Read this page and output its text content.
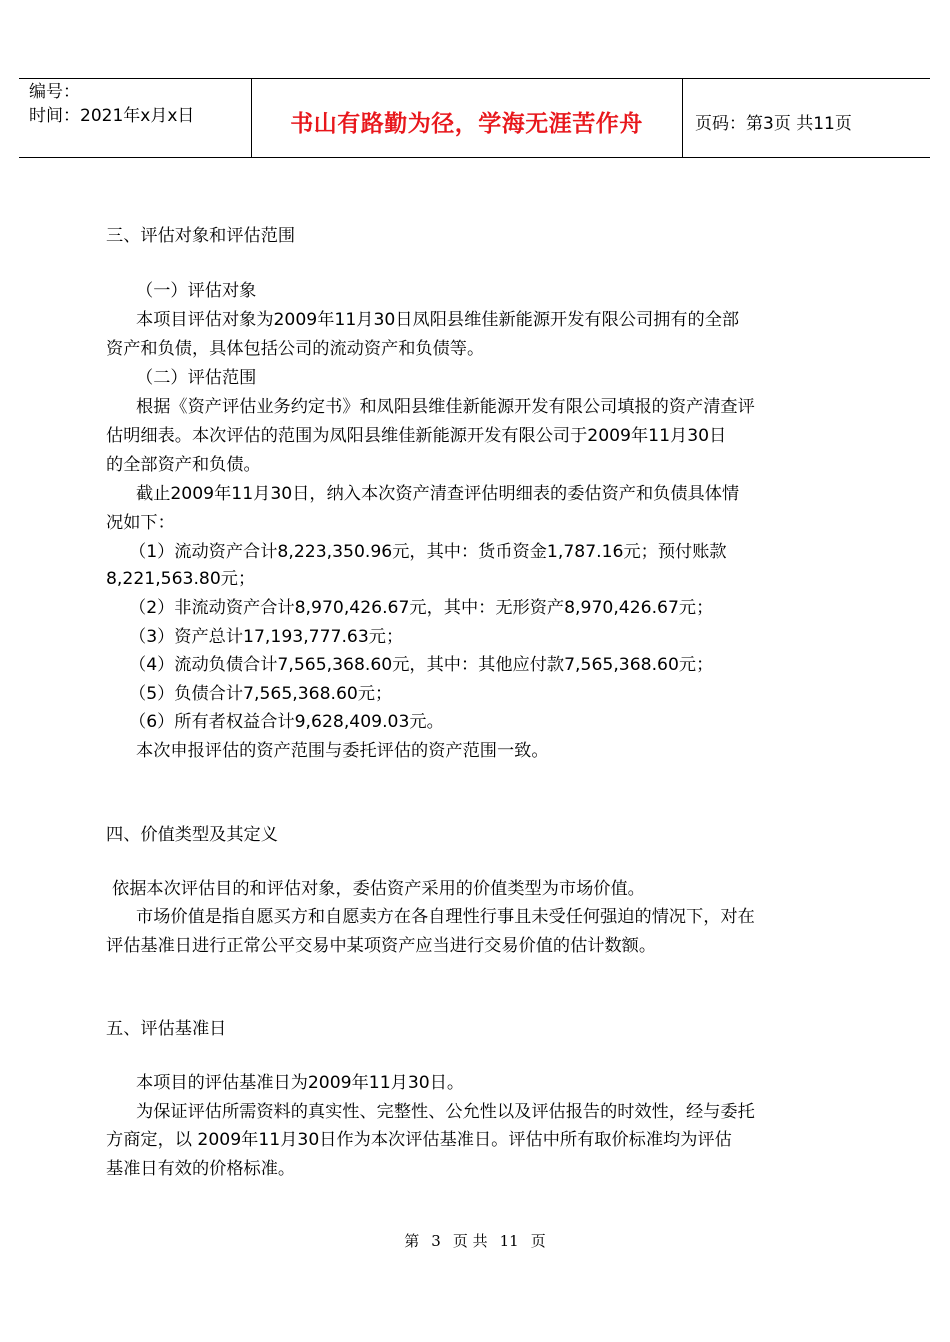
编号：
时间：2021年x月x日	书山有路勤为径，学海无涯苦作舟	页码：第3页 共11页
三、评估对象和评估范围
（一）评估对象
本项目评估对象为2009年11月30日凤阳县维佳新能源开发有限公司拥有的全部
资产和负债，具体包括公司的流动资产和负债等。
（二）评估范围
根据《资产评估业务约定书》和凤阳县维佳新能源开发有限公司填报的资产清查评
估明细表。本次评估的范围为凤阳县维佳新能源开发有限公司于2009年11月30日
的全部资产和负债。
截止2009年11月30日，纳入本次资产清查评估明细表的委估资产和负债具体情
况如下：
（1）流动资产合计8,223,350.96元，其中：货币资金1,787.16元；预付账款
8,221,563.80元；
（2）非流动资产合计8,970,426.67元，其中：无形资产8,970,426.67元；
（3）资产总计17,193,777.63元；
（4）流动负债合计7,565,368.60元，其中：其他应付款7,565,368.60元；
（5）负债合计7,565,368.60元；
（6）所有者权益合计9,628,409.03元。
本次申报评估的资产范围与委托评估的资产范围一致。
四、价值类型及其定义
依据本次评估目的和评估对象，委估资产采用的价值类型为市场价值。
市场价值是指自愿买方和自愿卖方在各自理性行事且未受任何强迫的情况下，对在
评估基准日进行正常公平交易中某项资产应当进行交易价值的估计数额。
五、评估基准日
本项目的评估基准日为2009年11月30日。
为保证评估所需资料的真实性、完整性、公允性以及评估报告的时效性，经与委托
方商定，以 2009年11月30日作为本次评估基准日。评估中所有取价标准均为评估
基准日有效的价格标准。
第 3 页 共 11 页
